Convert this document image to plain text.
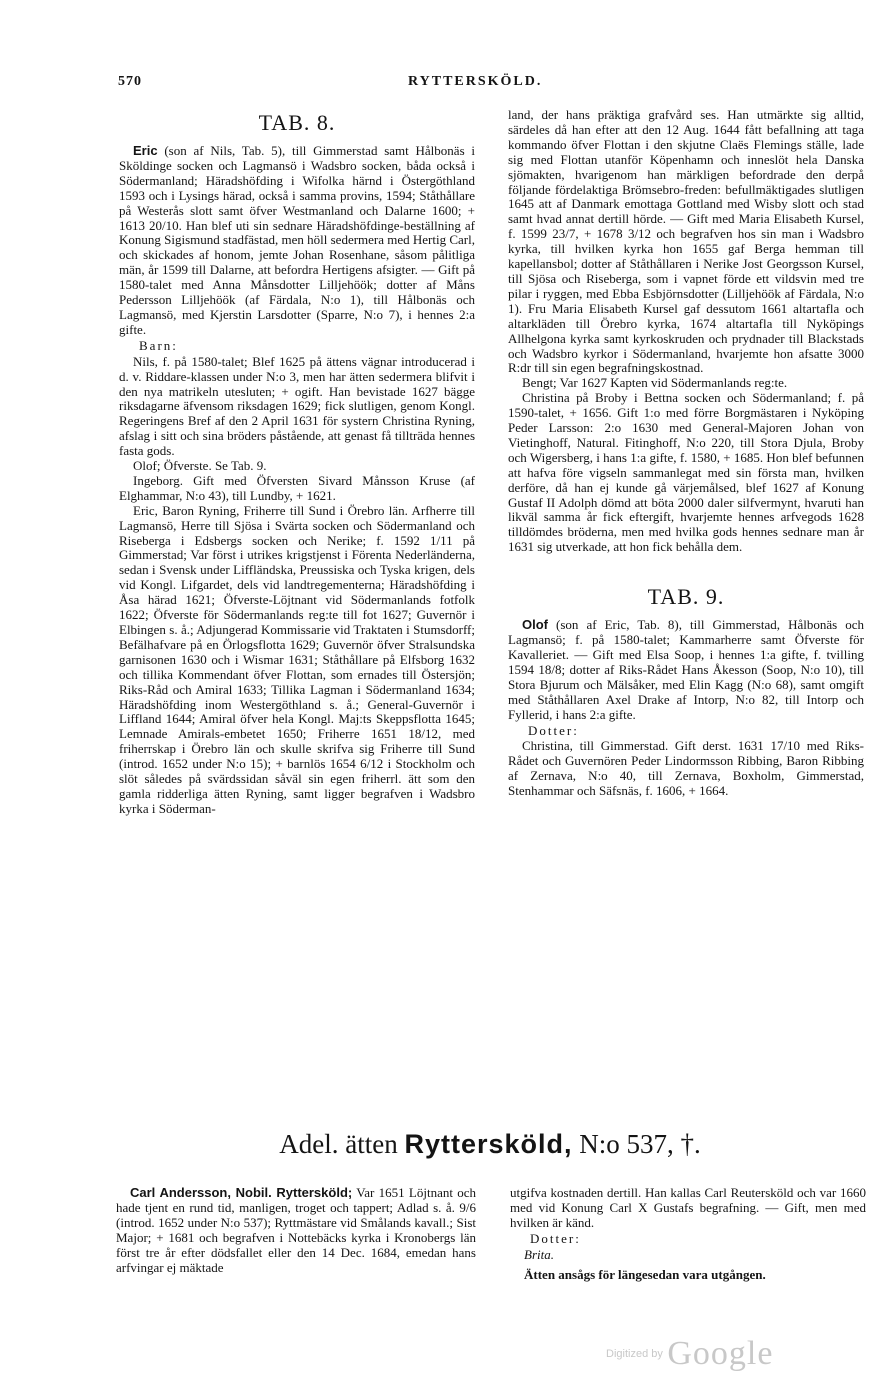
570	RYTTERSKÖLD.
TAB. 8.

Eric (son af Nils, Tab. 5), till Gimmerstad samt Hålbonäs i Sköldinge socken och Lagmansö i Wadsbro socken, båda också i Södermanland; Häradshöfding i Wifolka härnd i Östergöthland 1593 och i Lysings härad, också i samma provins, 1594; Ståthållare på Westerås slott samt öfver Westmanland och Dalarne 1600; + 1613 20/10. Han blef uti sin sednare Häradshöfdinge-beställning af Konung Sigismund stadfästad, men höll sedermera med Hertig Carl, och skickades af honom, jemte Johan Rosenhane, såsom pålitliga män, år 1599 till Dalarne, att befordra Hertigens afsigter. — Gift på 1580-talet med Anna Månsdotter Lilljehöök; dotter af Måns Pedersson Lilljehöök (af Färdala, N:o 1), till Hålbonäs och Lagmansö, med Kjerstin Larsdotter (Sparre, N:o 7), i hennes 2:a gifte.

Barn:

Nils, f. på 1580-talet; Blef 1625 på ättens vägnar introducerad i d. v. Riddare-klassen under N:o 3, men har ätten sedermera blifvit i den nya matrikeln utesluten; + ogift. Han bevistade 1627 bägge riksdagarne äfvensom riksdagen 1629; fick slutligen, genom Kongl. Regeringens Bref af den 2 April 1631 för systern Christina Ryning, afslag i sitt och sina bröders påstående, att genast få tillträda hennes fasta gods.

Olof; Öfverste. Se Tab. 9.

Ingeborg. Gift med Öfversten Sivard Månsson Kruse (af Elghammar, N:o 43), till Lundby, + 1621.

Eric, Baron Ryning, Friherre till Sund i Örebro län. Arfherre till Lagmansö, Herre till Sjösa i Svärta socken och Södermanland och Riseberga i Edsbergs socken och Nerike; f. 1592 1/11 på Gimmerstad; Var först i utrikes krigstjenst i Förenta Nederländerna, sedan i Svensk under Liffländska, Preussiska och Tyska krigen, dels vid Kongl. Lifgardet, dels vid landtregementerna; Häradshöfding i Åsa härad 1621; Öfverste-Löjtnant vid Södermanlands fotfolk 1622; Öfverste för Södermanlands reg:te till fot 1627; Guvernör i Elbingen s. å.; Adjungerad Kommissarie vid Traktaten i Stumsdorff; Befälhafvare på en Örlogsflotta 1629; Guvernör öfver Stralsundska garnisonen 1630 och i Wismar 1631; Ståthållare på Elfsborg 1632 och tillika Kommendant öfver Flottan, som ernades till Östersjön; Riks-Råd och Amiral 1633; Tillika Lagman i Södermanland 1634; Häradshöfding inom Westergöthland s. å.; General-Guvernör i Liffland 1644; Amiral öfver hela Kongl. Maj:ts Skeppsflotta 1645; Lemnade Amirals-embetet 1650; Friherre 1651 18/12, med friherrskap i Örebro län och skulle skrifva sig Friherre till Sund (introd. 1652 under N:o 15); + barnlös 1654 6/12 i Stockholm och slöt således på svärdssidan såväl sin egen friherrl. ätt som den gamla ridderliga ätten Ryning, samt ligger begrafven i Wadsbro kyrka i Söderman-

land, der hans präktiga grafvård ses. Han utmärkte sig alltid, särdeles då han efter att den 12 Aug. 1644 fått befallning att taga kommando öfver Flottan i den skjutne Claës Flemings ställe, lade sig med Flottan utanför Köpenhamn och inneslöt hela Danska sjömakten, hvarigenom han märkligen befordrade den derpå följande fördelaktiga Brömsebro-freden: befullmäktigades slutligen 1645 att af Danmark emottaga Gottland med Wisby slott och stad samt hvad annat dertill hörde. — Gift med Maria Elisabeth Kursel, f. 1599 23/7, + 1678 3/12 och begrafven hos sin man i Wadsbro kyrka, till hvilken kyrka hon 1655 gaf Berga hemman till kapellansbol; dotter af Ståthållaren i Nerike Jost Georgsson Kursel, till Sjösa och Riseberga, som i vapnet förde ett vildsvin med tre pilar i ryggen, med Ebba Esbjörnsdotter (Lilljehöök af Färdala, N:o 1). Fru Maria Elisabeth Kursel gaf dessutom 1661 altartafla och altarkläden till Örebro kyrka, 1674 altartafla till Nyköpings Allhelgona kyrka samt kyrkoskruden och prydnader till Blackstads och Wadsbro kyrkor i Södermanland, hvarjemte hon afsatte 3000 R:dr till sin egen begrafningskostnad.

Bengt; Var 1627 Kapten vid Södermanlands reg:te.

Christina på Broby i Bettna socken och Södermanland; f. på 1590-talet, + 1656. Gift 1:o med förre Borgmästaren i Nyköping Peder Larsson: 2:o 1630 med General-Majoren Johan von Vietinghoff, Natural. Fitinghoff, N:o 220, till Stora Djula, Broby och Wigersberg, i hans 1:a gifte, f. 1580, + 1685. Hon blef befunnen att hafva före vigseln sammanlegat med sin första man, hvilken derföre, då han ej kunde gå värjemålsed, blef 1627 af Konung Gustaf II Adolph dömd att böta 2000 daler silfvermynt, hvaruti han likväl samma år fick eftergift, hvarjemte hennes arfvegods 1628 tilldömdes bröderna, men med hvilka gods hennes sednare man år 1631 sig utverkade, att hon fick behålla dem.

TAB. 9.

Olof (son af Eric, Tab. 8), till Gimmerstad, Hålbonäs och Lagmansö; f. på 1580-talet; Kammarherre samt Öfverste för Kavalleriet. — Gift med Elsa Soop, i hennes 1:a gifte, f. tvilling 1594 18/8; dotter af Riks-Rådet Hans Åkesson (Soop, N:o 10), till Stora Bjurum och Mälsåker, med Elin Kagg (N:o 68), samt omgift med Ståthållaren Axel Drake af Intorp, N:o 82, till Intorp och Fyllerid, i hans 2:a gifte.

Dotter:

Christina, till Gimmerstad. Gift derst. 1631 17/10 med Riks-Rådet och Guvernören Peder Lindormsson Ribbing, Baron Ribbing af Zernava, N:o 40, till Zernava, Boxholm, Gimmerstad, Stenhammar och Säfsnäs, f. 1606, + 1664.

Adel. ätten Rytterskӧld, N:o 537, †.

Carl Andersson, Nobil. Rytterskӧld; Var 1651 Löjtnant och hade tjent en rund tid, manligen, troget och tappert; Adlad s. å. 9/6 (introd. 1652 under N:o 537); Ryttmästare vid Smålands kavall.; Sist Major; + 1681 och begrafven i Nottebäcks kyrka i Kronobergs län först tre år efter dödsfallet eller den 14 Dec. 1684, emedan hans arfvingar ej mäktade

utgifva kostnaden dertill. Han kallas Carl Reuterskӧld och var 1660 med vid Konung Carl X Gustafs begrafning. — Gift, men med hvilken är känd.

Dotter:

Brita.

Ätten ansågs för längesedan vara utgången.

Digitized by Google
